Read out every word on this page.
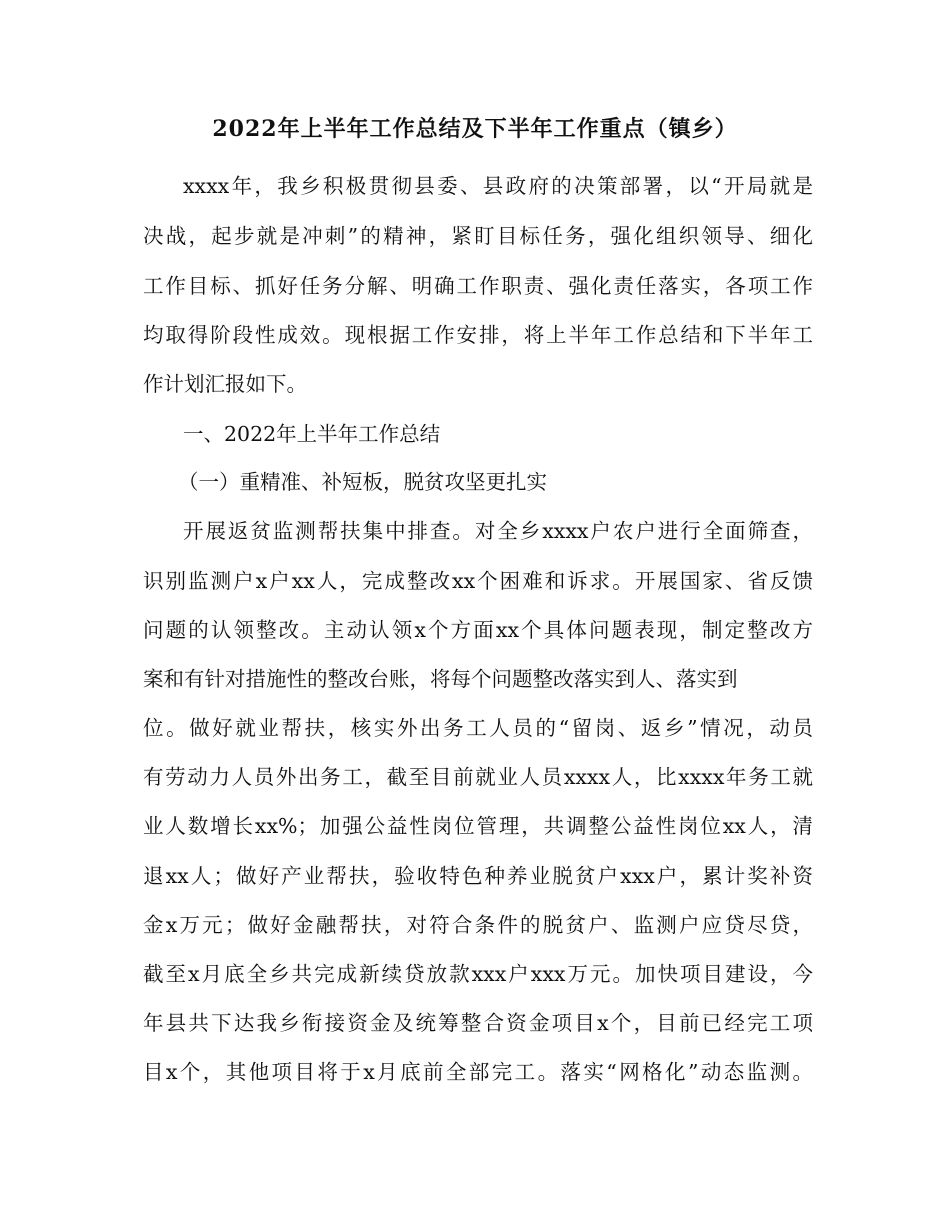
2022年上半年工作总结及下半年工作重点（镇乡）
xxxx年，我乡积极贯彻县委、县政府的决策部署，以“开局就是
决战，起步就是冲刺”的精神，紧盯目标任务，强化组织领导、细化
工作目标、抓好任务分解、明确工作职责、强化责任落实，各项工作
均取得阶段性成效。现根据工作安排，将上半年工作总结和下半年工
作计划汇报如下。
一、2022年上半年工作总结
（一）重精准、补短板，脱贫攻坚更扎实
开展返贫监测帮扶集中排查。对全乡xxxx户农户进行全面筛查，
识别监测户x户xx人，完成整改xx个困难和诉求。开展国家、省反馈
问题的认领整改。主动认领x个方面xx个具体问题表现，制定整改方
案和有针对措施性的整改台账，将每个问题整改落实到人、落实到
位。做好就业帮扶，核实外出务工人员的“留岗、返乡”情况，动员
有劳动力人员外出务工，截至目前就业人员xxxx人，比xxxx年务工就
业人数增长xx%；加强公益性岗位管理，共调整公益性岗位xx人，清
退xx人；做好产业帮扶，验收特色种养业脱贫户xxx户，累计奖补资
金x万元；做好金融帮扶，对符合条件的脱贫户、监测户应贷尽贷，
截至x月底全乡共完成新续贷放款xxx户xxx万元。加快项目建设，今
年县共下达我乡衔接资金及统筹整合资金项目x个，目前已经完工项
目x个，其他项目将于x月底前全部完工。落实“网格化”动态监测。
